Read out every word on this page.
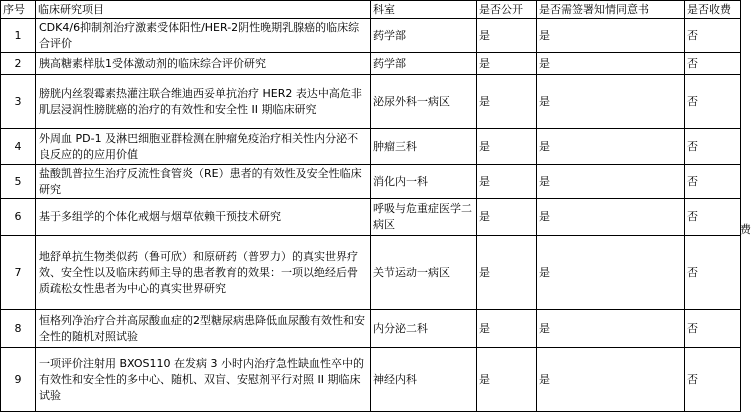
序号	临床研究项目	科室	是否公开	是否需签署知情同意书	是否收费
1	CDK4/6抑制剂治疗激素受体阳性/HER-2阴性晚期乳腺癌的临床综合评价	药学部	是	是	否
2	胰高糖素样肽1受体激动剂的临床综合评价研究	药学部	是	是	否
3	膀胱内丝裂霉素热灌注联合维迪西妥单抗治疗 HER2 表达中高危非肌层浸润性膀胱癌的治疗的有效性和安全性 II 期临床研究	泌尿外科一病区	是	是	否
4	外周血 PD-1 及淋巴细胞亚群检测在肿瘤免疫治疗相关性内分泌不良反应的的应用价值	肿瘤三科	是	是	否
5	盐酸凯普拉生治疗反流性食管炎（RE）患者的有效性及安全性临床研究	消化内一科	是	是	否
6	基于多组学的个体化戒烟与烟草依赖干预技术研究	呼吸与危重症医学二病区	是	是	否
7	地舒单抗生物类似药（鲁可欣）和原研药（普罗力）的真实世界疗效、安全性以及临床药师主导的患者教育的效果：一项以绝经后骨质疏松女性患者为中心的真实世界研究	关节运动一病区	是	是	否
8	恒格列净治疗合并高尿酸血症的2型糖尿病患降低血尿酸有效性和安全性的随机对照试验	内分泌二科	是	是	否
9	一项评价注射用 BXOS110 在发病 3 小时内治疗急性缺血性卒中的有效性和安全性的多中心、随机、双盲、安慰剂平行对照 II 期临床试验	神经内科	是	是	否
费
